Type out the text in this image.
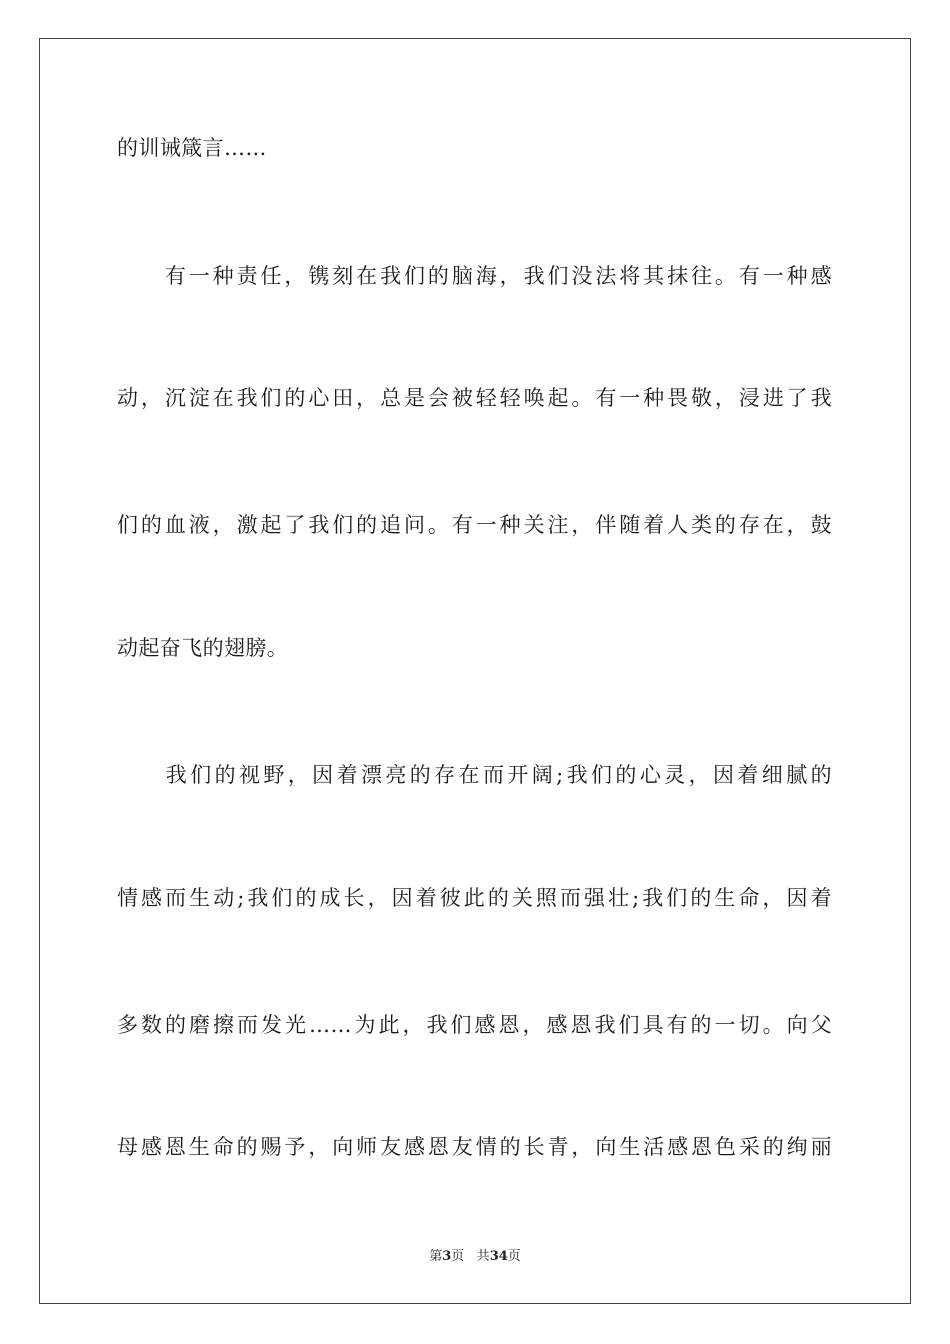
的训诫箴言……
　　有一种责任，镌刻在我们的脑海，我们没法将其抹往。有一种感
动，沉淀在我们的心田，总是会被轻轻唤起。有一种畏敬，浸进了我
们的血液，激起了我们的追问。有一种关注，伴随着人类的存在，鼓
动起奋飞的翅膀。
　　我们的视野，因着漂亮的存在而开阔;我们的心灵，因着细腻的
情感而生动;我们的成长，因着彼此的关照而强壮;我们的生命，因着
多数的磨擦而发光……为此，我们感恩，感恩我们具有的一切。向父
母感恩生命的赐予，向师友感恩友情的长青，向生活感恩色采的绚丽
第3页 共34页
